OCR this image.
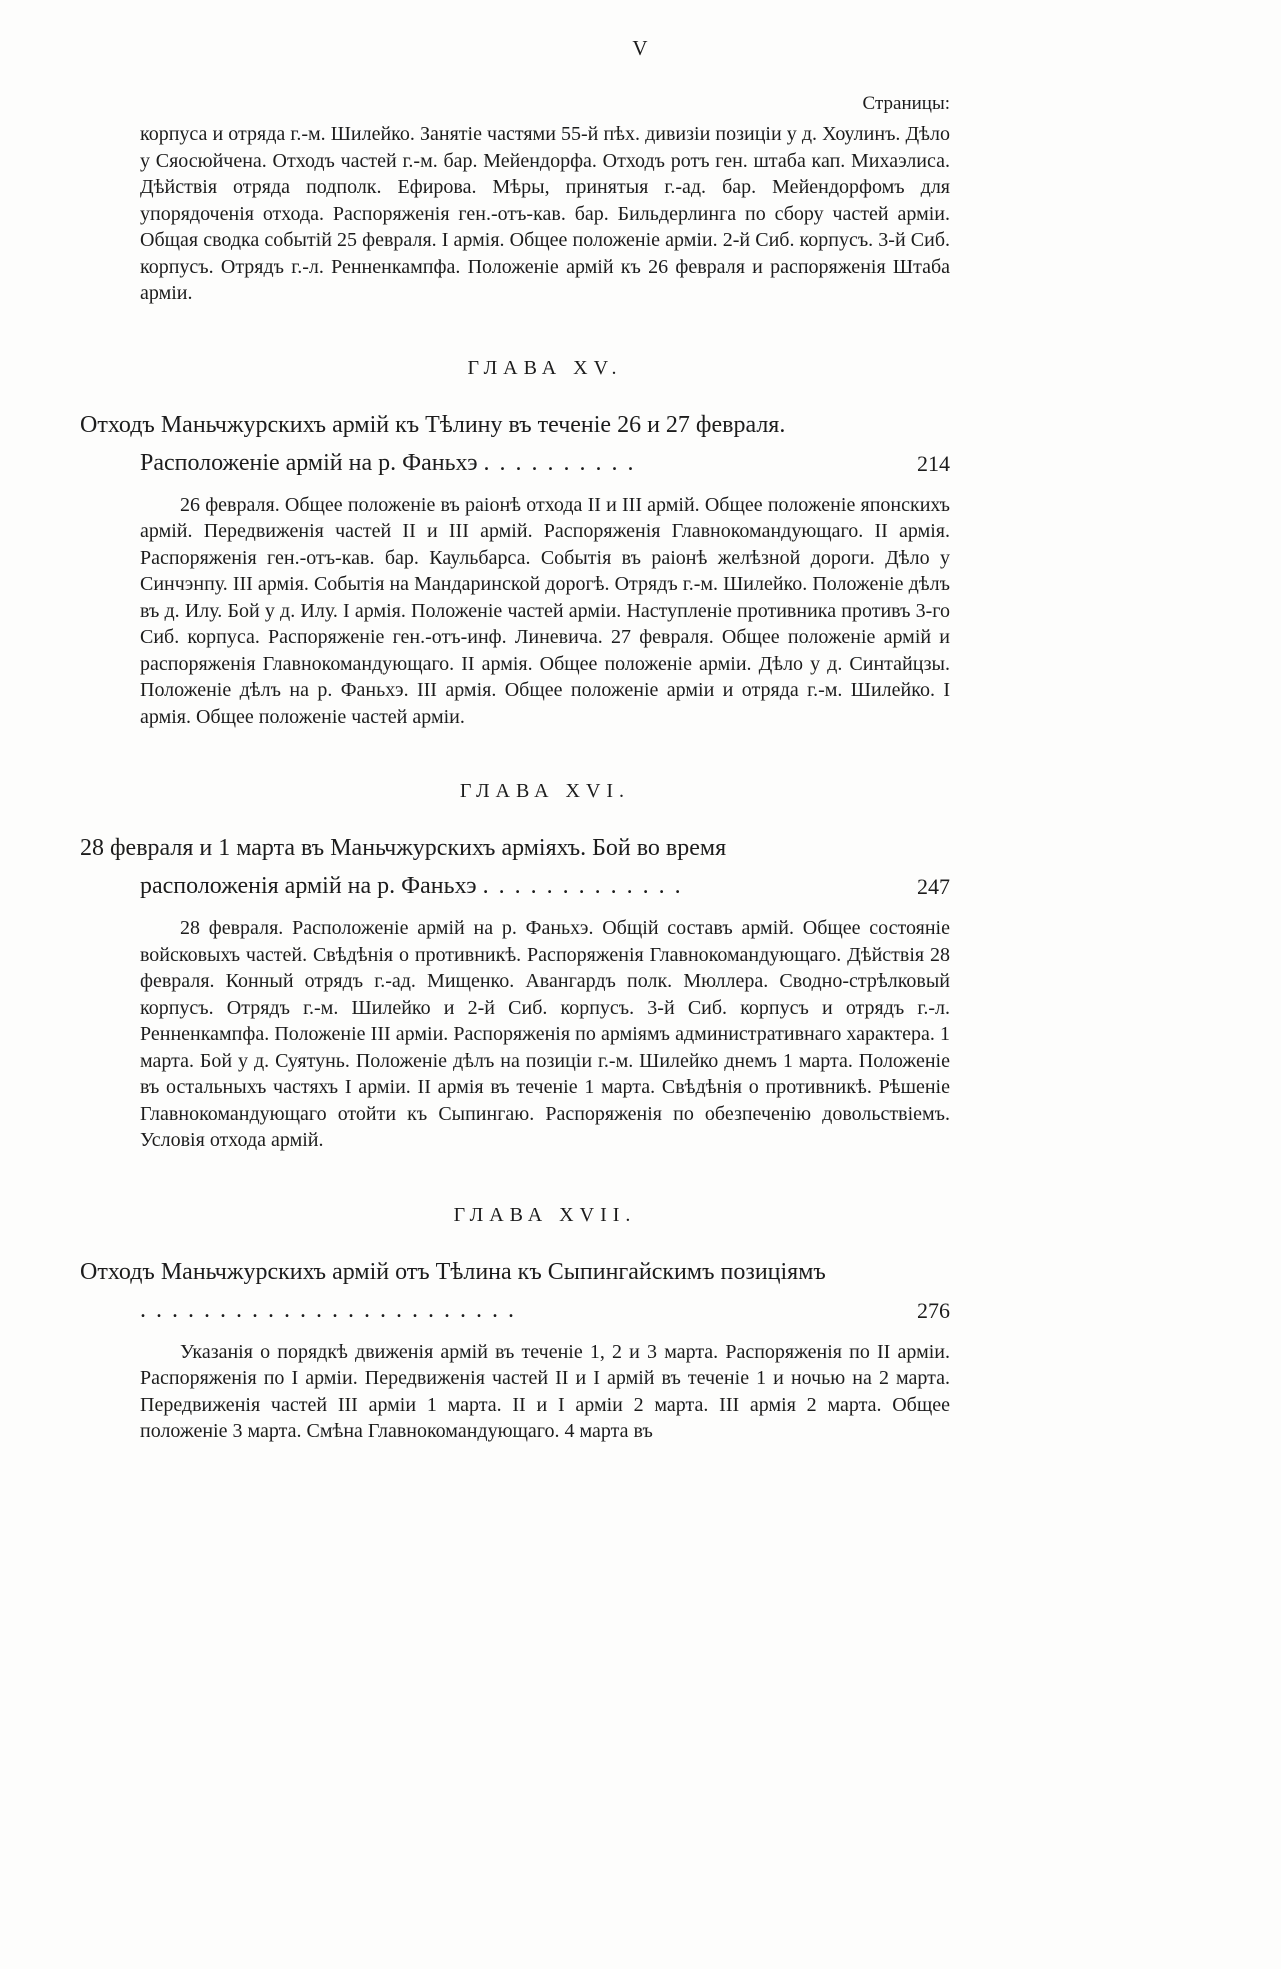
V
Страницы:

корпуса и отряда г.-м. Шилейко. Занятіе частями 55-й пѣх. дивизіи позиціи у д. Хоулинъ. Дѣло у Сяосюйчена. Отходъ частей г.-м. бар. Мейендорфа. Отходъ ротъ ген. штаба кап. Михаэлиса. Дѣйствія отряда подполк. Ефирова. Мѣры, принятыя г.-ад. бар. Мейендорфомъ для упорядоченія отхода. Распоряженія ген.-отъ-кав. бар. Бильдерлинга по сбору частей арміи. Общая сводка событій 25 февраля. I армія. Общее положеніе арміи. 2-й Сиб. корпусъ. 3-й Сиб. корпусъ. Отрядъ г.-л. Ренненкампфа. Положеніе армій къ 26 февраля и распоряженія Штаба арміи.

ГЛАВА XV.
Отходъ Маньчжурскихъ армій къ Тѣлину въ теченіе 26 и 27 февраля. Расположеніе армій на р. Фаньхэ . . . . . . . . . .	214

26 февраля. Общее положеніе въ раіонѣ отхода II и III армій. Общее положеніе японскихъ армій. Передвиженія частей II и III армій. Распоряженія Главнокомандующаго. II армія. Распоряженія ген.-отъ-кав. бар. Каульбарса. Событія въ раіонѣ желѣзной дороги. Дѣло у Синчэнпу. III армія. Событія на Мандаринской дорогѣ. Отрядъ г.-м. Шилейко. Положеніе дѣлъ въ д. Илу. Бой у д. Илу. I армія. Положеніе частей арміи. Наступленіе противника противъ 3-го Сиб. корпуса. Распоряженіе ген.-отъ-инф. Линевича. 27 февраля. Общее положеніе армій и распоряженія Главнокомандующаго. II армія. Общее положеніе арміи. Дѣло у д. Синтайцзы. Положеніе дѣлъ на р. Фаньхэ. III армія. Общее положеніе арміи и отряда г.-м. Шилейко. I армія. Общее положеніе частей арміи.

ГЛАВА XVI.
28 февраля и 1 марта въ Маньчжурскихъ арміяхъ. Бой во время расположенія армій на р. Фаньхэ . . . . . . . . . . . . .	247

28 февраля. Расположеніе армій на р. Фаньхэ. Общій составъ армій. Общее состояніе войсковыхъ частей. Свѣдѣнія о противникѣ. Распоряженія Главнокомандующаго. Дѣйствія 28 февраля. Конный отрядъ г.-ад. Мищенко. Авангардъ полк. Мюллера. Сводно-стрѣлковый корпусъ. Отрядъ г.-м. Шилейко и 2-й Сиб. корпусъ. 3-й Сиб. корпусъ и отрядъ г.-л. Ренненкампфа. Положеніе III арміи. Распоряженія по арміямъ административнаго характера. 1 марта. Бой у д. Суятунь. Положеніе дѣлъ на позиціи г.-м. Шилейко днемъ 1 марта. Положеніе въ остальныхъ частяхъ I арміи. II армія въ теченіе 1 марта. Свѣдѣнія о противникѣ. Рѣшеніе Главнокомандующаго отойти къ Сыпингаю. Распоряженія по обезпеченію довольствіемъ. Условія отхода армій.

ГЛАВА XVII.
Отходъ Маньчжурскихъ армій отъ Тѣлина къ Сыпингайскимъ позиціямъ . . . . . . . . . . . . . . . . . . . . . . . .	276

Указанія о порядкѣ движенія армій въ теченіе 1, 2 и 3 марта. Распоряженія по II арміи. Распоряженія по I арміи. Передвиженія частей II и I армій въ теченіе 1 и ночью на 2 марта. Передвиженія частей III арміи 1 марта. II и I арміи 2 марта. III армія 2 марта. Общее положеніе 3 марта. Смѣна Главнокомандующаго. 4 марта въ
